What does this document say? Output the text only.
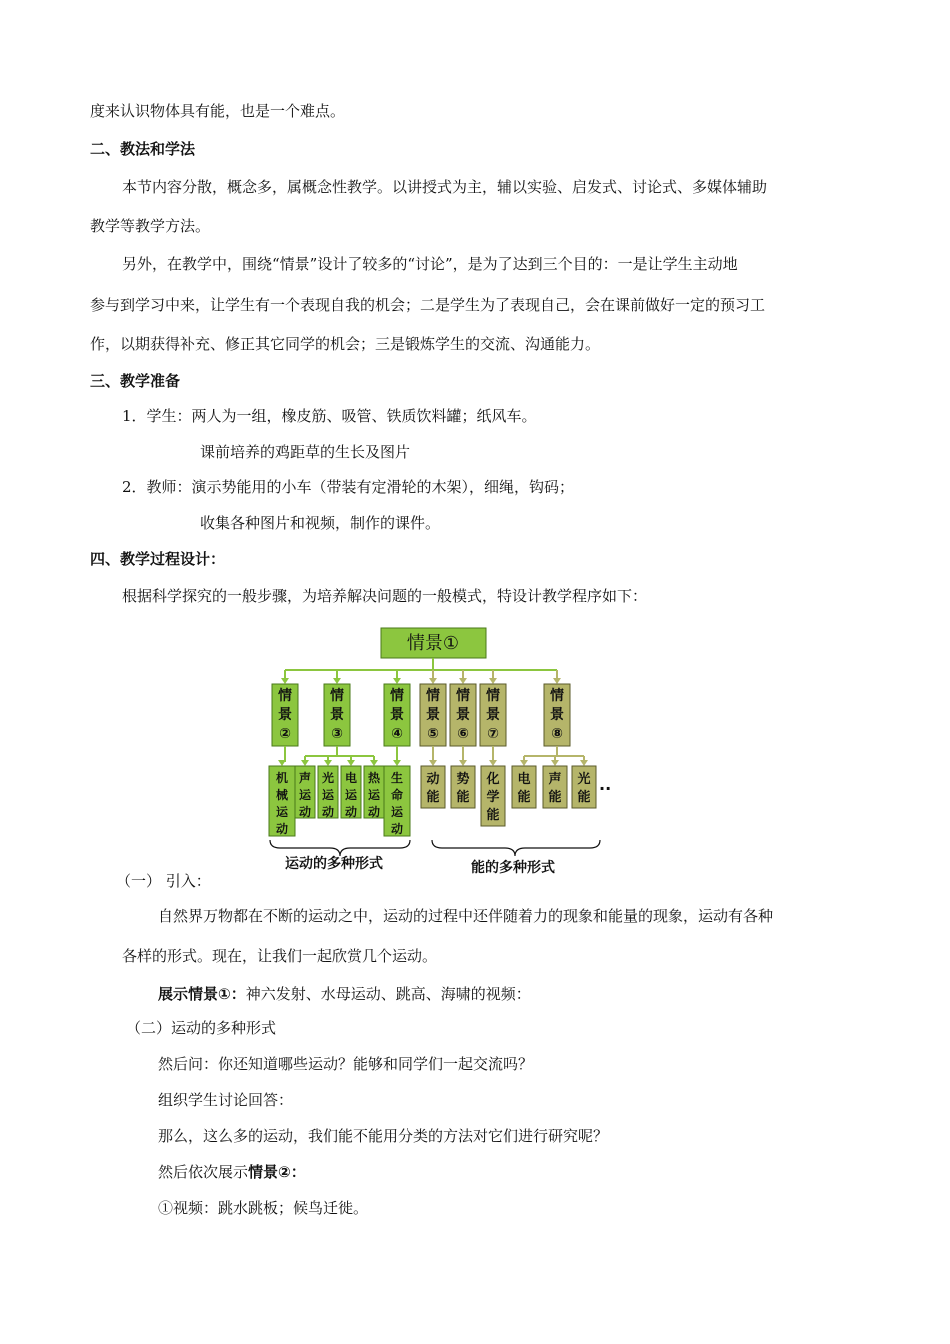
度来认识物体具有能，也是一个难点。
二、教法和学法
本节内容分散，概念多，属概念性教学。以讲授式为主，辅以实验、启发式、讨论式、多媒体辅助
教学等教学方法。
另外，在教学中，围绕“情景”设计了较多的“讨论”，是为了达到三个目的：一是让学生主动地
参与到学习中来，让学生有一个表现自我的机会；二是学生为了表现自己，会在课前做好一定的预习工
作，以期获得补充、修正其它同学的机会；三是锻炼学生的交流、沟通能力。
三、教学准备
1．学生：两人为一组，橡皮筋、吸管、铁质饮料罐；纸风车。
课前培养的鸡距草的生长及图片
2．教师：演示势能用的小车（带装有定滑轮的木架），细绳，钩码；
收集各种图片和视频，制作的课件。
四、教学过程设计：
根据科学探究的一般步骤，为培养解决问题的一般模式，特设计教学程序如下：
情景①
情
景
②
情
景
③
情
景
④
情
景
⑤
情
景
⑥
情
景
⑦
情
景
⑧
机
械
运
动
声
运
动
光
运
动
电
运
动
热
运
动
生
命
运
动
动
能
势
能
化
学
能
电
能
声
能
光
能
..
运动的多种形式	能的多种形式
（一） 引入：
自然界万物都在不断的运动之中，运动的过程中还伴随着力的现象和能量的现象，运动有各种
各样的形式。现在，让我们一起欣赏几个运动。
展示情景①：神六发射、水母运动、跳高、海啸的视频：
（二）运动的多种形式
然后问：你还知道哪些运动？能够和同学们一起交流吗？
组织学生讨论回答：
那么，这么多的运动，我们能不能用分类的方法对它们进行研究呢？
然后依次展示情景②：
①视频：跳水跳板；候鸟迁徙。
